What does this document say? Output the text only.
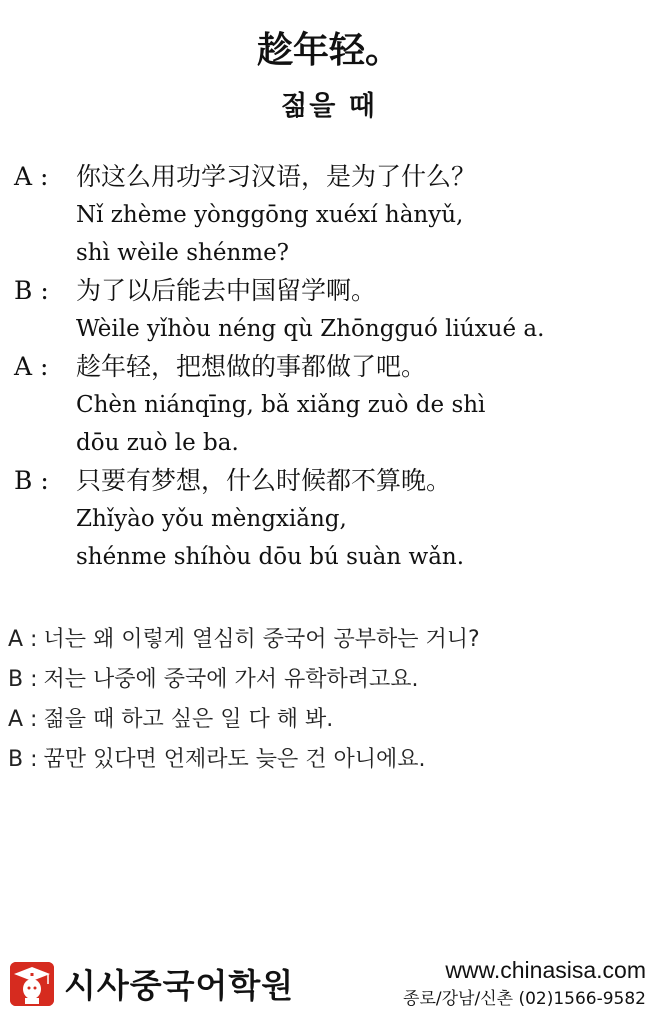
趁年轻。
젊을 때
A :	你这么用功学习汉语，是为了什么？
Nǐ zhème yònggōng xuéxí hànyǔ,
shì wèile shénme?
B :	为了以后能去中国留学啊。
Wèile yǐhòu néng qù Zhōngguó liúxué a.
A :	趁年轻，把想做的事都做了吧。
Chèn niánqīng, bǎ xiǎng zuò de shì
dōu zuò le ba.
B :	只要有梦想，什么时候都不算晚。
Zhǐyào yǒu mèngxiǎng,
shénme shíhòu dōu bú suàn wǎn.
A : 너는 왜 이렇게 열심히 중국어 공부하는 거니?
B : 저는 나중에 중국에 가서 유학하려고요.
A : 젊을 때 하고 싶은 일 다 해 봐.
B : 꿈만 있다면 언제라도 늦은 건 아니에요.
시사중국어학원	www.chinasisa.com
종로/강남/신촌 (02)1566-9582
